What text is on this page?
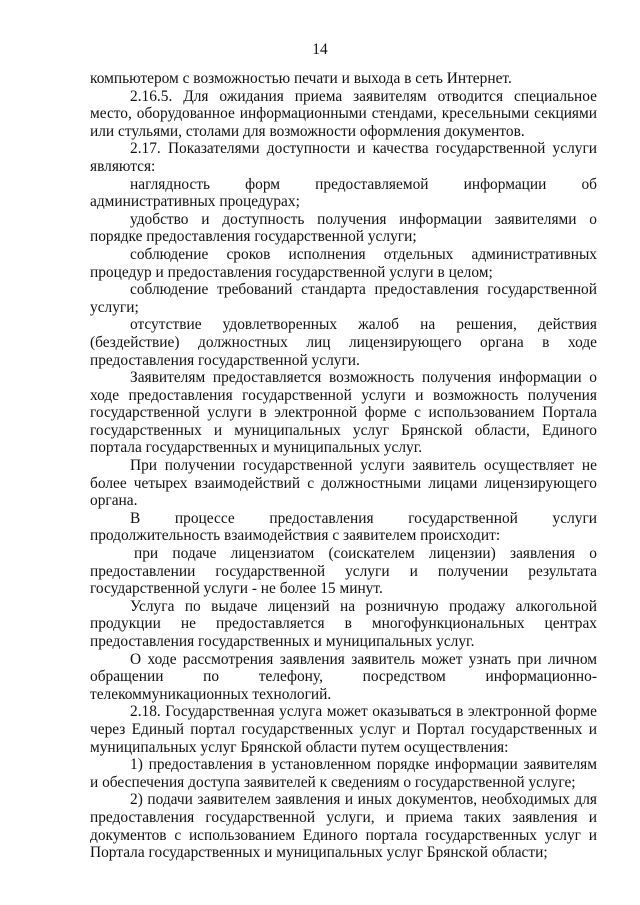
14

компьютером с возможностью печати и выхода в сеть Интернет.

2.16.5. Для ожидания приема заявителям отводится специальное место, оборудованное информационными стендами, кресельными секциями или стульями, столами для возможности оформления документов.

2.17. Показателями доступности и качества государственной услуги являются:

наглядность форм предоставляемой информации об административных процедурах;

удобство и доступность получения информации заявителями о порядке предоставления государственной услуги;

соблюдение сроков исполнения отдельных административных процедур и предоставления государственной услуги в целом;

соблюдение требований стандарта предоставления государственной услуги;

отсутствие удовлетворенных жалоб на решения, действия (бездействие) должностных лиц лицензирующего органа в ходе предоставления государственной услуги.

Заявителям предоставляется возможность получения информации о ходе предоставления государственной услуги и возможность получения государственной услуги в электронной форме с использованием Портала государственных и муниципальных услуг Брянской области, Единого портала государственных и муниципальных услуг.

При получении государственной услуги заявитель осуществляет не более четырех взаимодействий с должностными лицами лицензирующего органа.

В процессе предоставления государственной услуги продолжительность взаимодействия с заявителем происходит:

при подаче лицензиатом (соискателем лицензии) заявления о предоставлении государственной услуги и получении результата государственной услуги - не более 15 минут.

Услуга по выдаче лицензий на розничную продажу алкогольной продукции не предоставляется в многофункциональных центрах предоставления государственных и муниципальных услуг.

О ходе рассмотрения заявления заявитель может узнать при личном обращении по телефону, посредством информационно-телекоммуникационных технологий.

2.18. Государственная услуга может оказываться в электронной форме через Единый портал государственных услуг и Портал государственных и муниципальных услуг Брянской области путем осуществления:

1) предоставления в установленном порядке информации заявителям и обеспечения доступа заявителей к сведениям о государственной услуге;

2) подачи заявителем заявления и иных документов, необходимых для предоставления государственной услуги, и приема таких заявления и документов с использованием Единого портала государственных услуг и Портала государственных и муниципальных услуг Брянской области;
